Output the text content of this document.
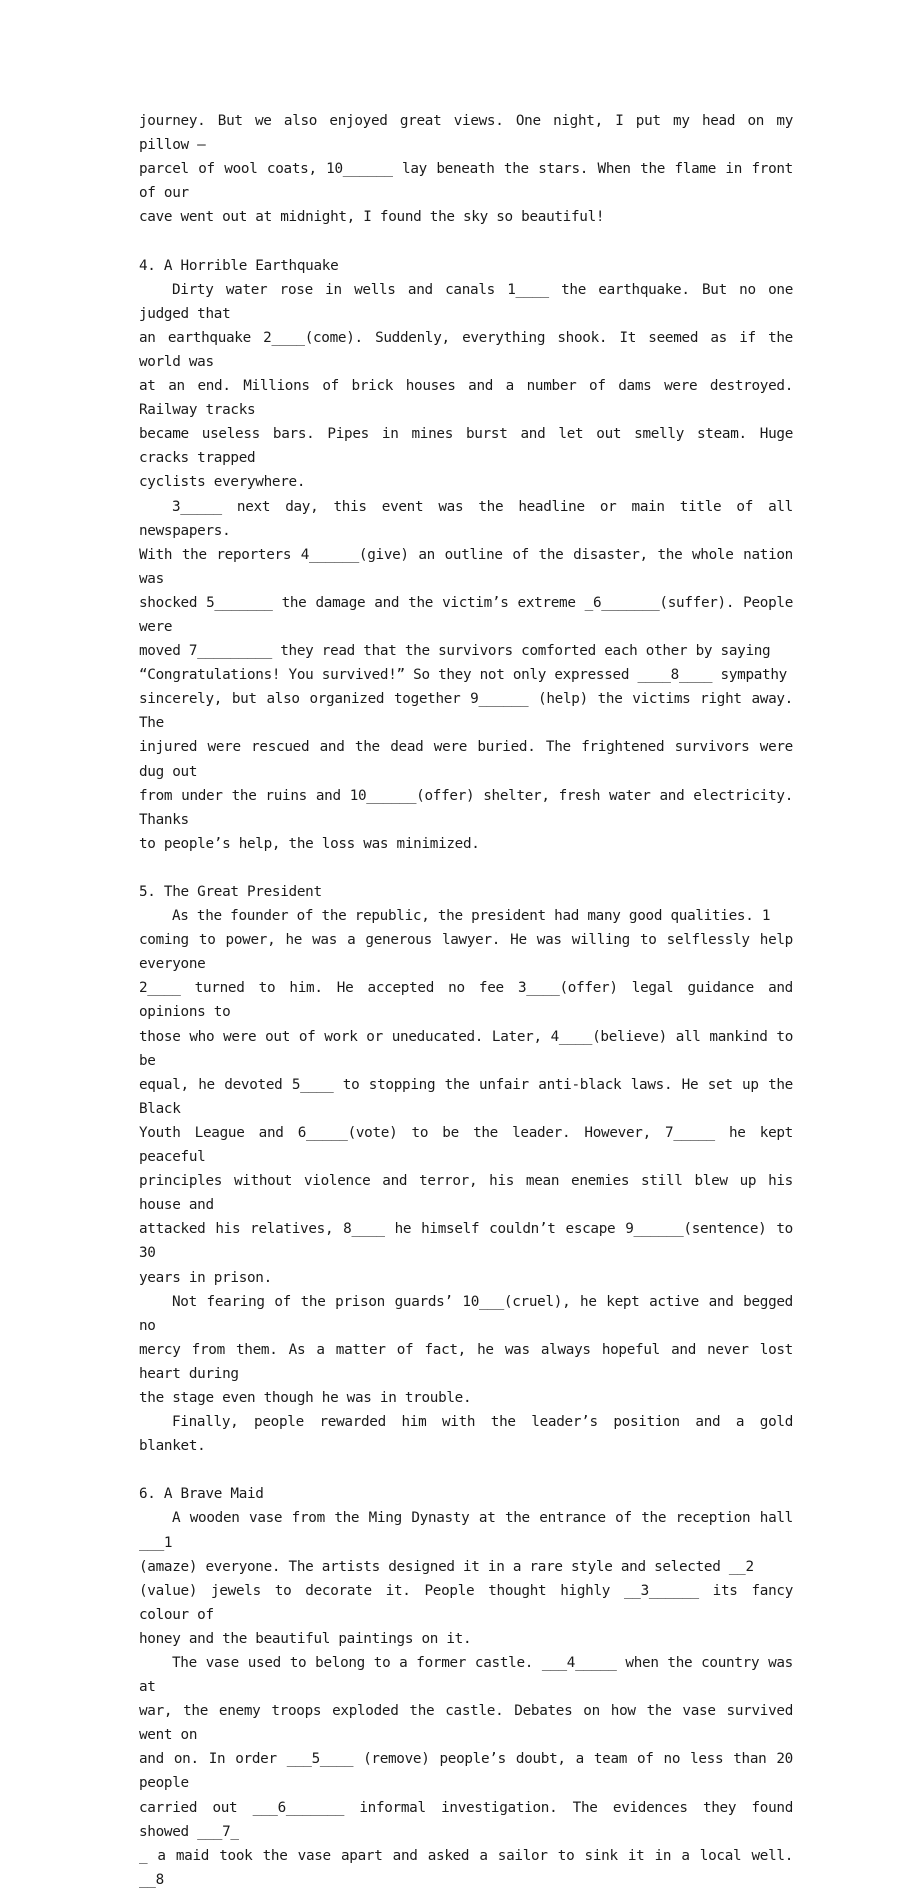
journey. But we also enjoyed great views. One night, I put my head on my pillow —
parcel of wool coats, 10______ lay beneath the stars. When the flame in front of our
cave went out at midnight, I found the sky so beautiful!
4. A Horrible Earthquake
Dirty water rose in wells and canals 1____ the earthquake. But no one judged that
an earthquake 2____(come). Suddenly, everything shook. It seemed as if the world was
at an end. Millions of brick houses and a number of dams were destroyed. Railway tracks
became useless bars. Pipes in mines burst and let out smelly steam. Huge cracks trapped
cyclists everywhere.
3_____ next day, this event was the headline or main title of all newspapers.
With the reporters 4______(give) an outline of the disaster, the whole nation was
shocked 5_______ the damage and the victim’s extreme _6_______(suffer). People were
moved 7_________ they read that the survivors comforted each other by saying
“Congratulations! You survived!” So they not only expressed ____8____ sympathy
sincerely, but also organized together 9______ (help) the victims right away. The
injured were rescued and the dead were buried. The frightened survivors were dug out
from under the ruins and 10______(offer) shelter, fresh water and electricity. Thanks
to people’s help, the loss was minimized.
5. The Great President
As the founder of the republic, the president had many good qualities. 1
coming to power, he was a generous lawyer. He was willing to selflessly help everyone
2____ turned to him. He accepted no fee 3____(offer) legal guidance and opinions to
those who were out of work or uneducated. Later, 4____(believe) all mankind to be
equal, he devoted 5____ to stopping the unfair anti-black laws. He set up the Black
Youth League and 6_____(vote) to be the leader. However, 7_____ he kept peaceful
principles without violence and terror, his mean enemies still blew up his house and
attacked his relatives, 8____ he himself couldn’t escape 9______(sentence) to 30
years in prison.
Not fearing of the prison guards’ 10___(cruel), he kept active and begged no
mercy from them. As a matter of fact, he was always hopeful and never lost heart during
the stage even though he was in trouble.
Finally, people rewarded him with the leader’s position and a gold blanket.
6. A Brave Maid
A wooden vase from the Ming Dynasty at the entrance of the reception hall ___1
(amaze) everyone. The artists designed it in a rare style and selected __2
(value) jewels to decorate it. People thought highly __3______ its fancy colour of
honey and the beautiful paintings on it.
The vase used to belong to a former castle. ___4_____ when the country was at
war, the enemy troops exploded the castle. Debates on how the vase survived went on
and on. In order ___5____ (remove) people’s doubt, a team of no less than 20 people
carried out ___6_______ informal investigation. The evidences they found showed ___7_
_ a maid took the vase apart and asked a sailor to sink it in a local well. __8
